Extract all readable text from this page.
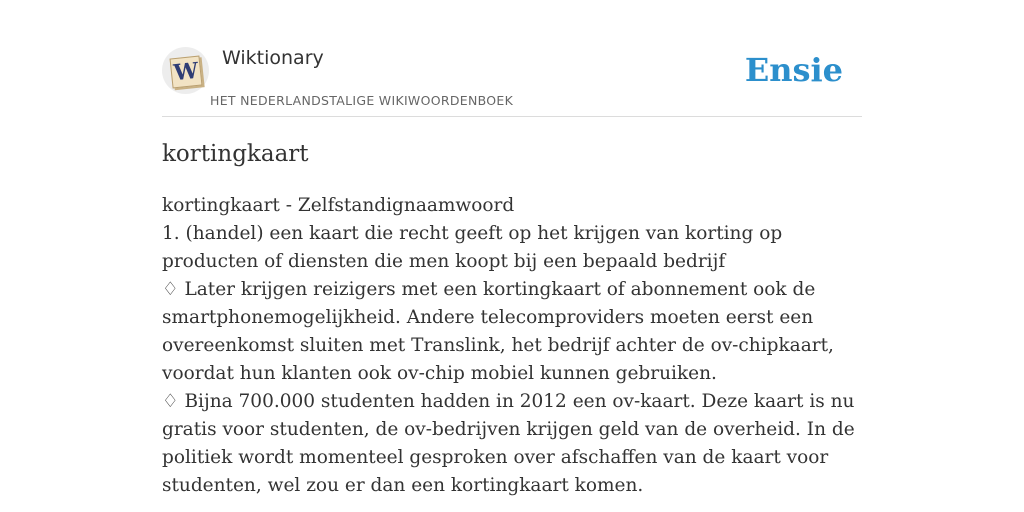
W Wiktionary
HET NEDERLANDSTALIGE WIKIWOORDENBOEK
Ensie
kortingkaart

kortingkaart - Zelfstandignaamwoord

1. (handel) een kaart die recht geeft op het krijgen van korting op producten of diensten die men koopt bij een bepaald bedrijf

♢ Later krijgen reizigers met een kortingkaart of abonnement ook de smartphonemogelijkheid. Andere telecomproviders moeten eerst een overeenkomst sluiten met Translink, het bedrijf achter de ov-chipkaart, voordat hun klanten ook ov-chip mobiel kunnen gebruiken.

♢ Bijna 700.000 studenten hadden in 2012 een ov-kaart. Deze kaart is nu gratis voor studenten, de ov-bedrijven krijgen geld van de overheid. In de politiek wordt momenteel gesproken over afschaffen van de kaart voor studenten, wel zou er dan een kortingkaart komen.
